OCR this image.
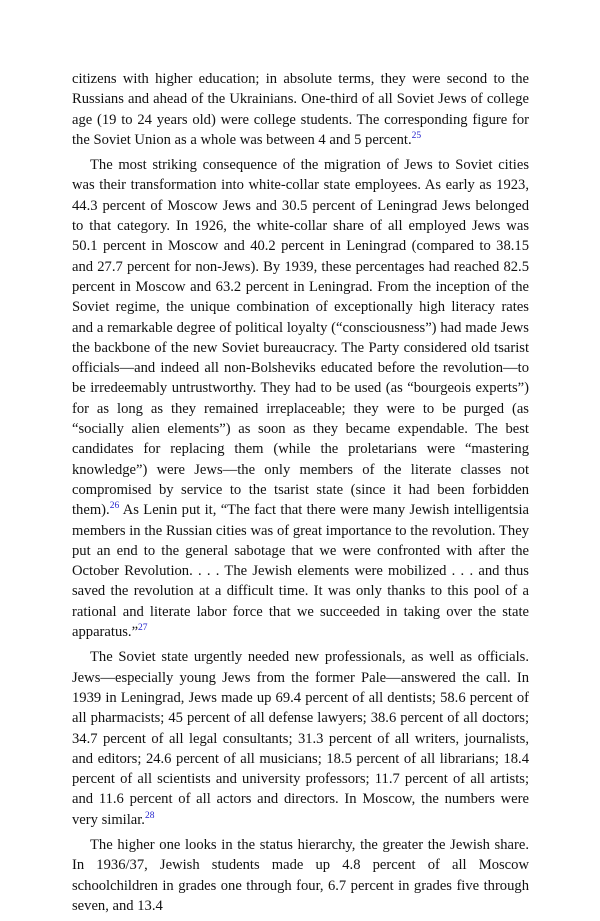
citizens with higher education; in absolute terms, they were second to the Russians and ahead of the Ukrainians. One-third of all Soviet Jews of college age (19 to 24 years old) were college students. The corresponding figure for the Soviet Union as a whole was between 4 and 5 percent.$^{25}$

The most striking consequence of the migration of Jews to Soviet cities was their transformation into white-collar state employees. As early as 1923, 44.3 percent of Moscow Jews and 30.5 percent of Leningrad Jews belonged to that category. In 1926, the white-collar share of all employed Jews was 50.1 percent in Moscow and 40.2 percent in Leningrad (compared to 38.15 and 27.7 percent for non-Jews). By 1939, these percentages had reached 82.5 percent in Moscow and 63.2 percent in Leningrad. From the inception of the Soviet regime, the unique combination of exceptionally high literacy rates and a remarkable degree of political loyalty (“consciousness”) had made Jews the backbone of the new Soviet bureaucracy. The Party considered old tsarist officials—and indeed all non-Bolsheviks educated before the revolution—to be irredeemably untrustworthy. They had to be used (as “bourgeois experts”) for as long as they remained irreplaceable; they were to be purged (as “socially alien elements”) as soon as they became expendable. The best candidates for replacing them (while the proletarians were “mastering knowledge”) were Jews—the only members of the literate classes not compromised by service to the tsarist state (since it had been forbidden them).$^{26}$ As Lenin put it, “The fact that there were many Jewish intelligentsia members in the Russian cities was of great importance to the revolution. They put an end to the general sabotage that we were confronted with after the October Revolution. . . . The Jewish elements were mobilized . . . and thus saved the revolution at a difficult time. It was only thanks to this pool of a rational and literate labor force that we succeeded in taking over the state apparatus.”$^{27}$

The Soviet state urgently needed new professionals, as well as officials. Jews—especially young Jews from the former Pale—answered the call. In 1939 in Leningrad, Jews made up 69.4 percent of all dentists; 58.6 percent of all pharmacists; 45 percent of all defense lawyers; 38.6 percent of all doctors; 34.7 percent of all legal consultants; 31.3 percent of all writers, journalists, and editors; 24.6 percent of all musicians; 18.5 percent of all librarians; 18.4 percent of all scientists and university professors; 11.7 percent of all artists; and 11.6 percent of all actors and directors. In Moscow, the numbers were very similar.$^{28}$

The higher one looks in the status hierarchy, the greater the Jewish share. In 1936/37, Jewish students made up 4.8 percent of all Moscow schoolchildren in grades one through four, 6.7 percent in grades five through seven, and 13.4
